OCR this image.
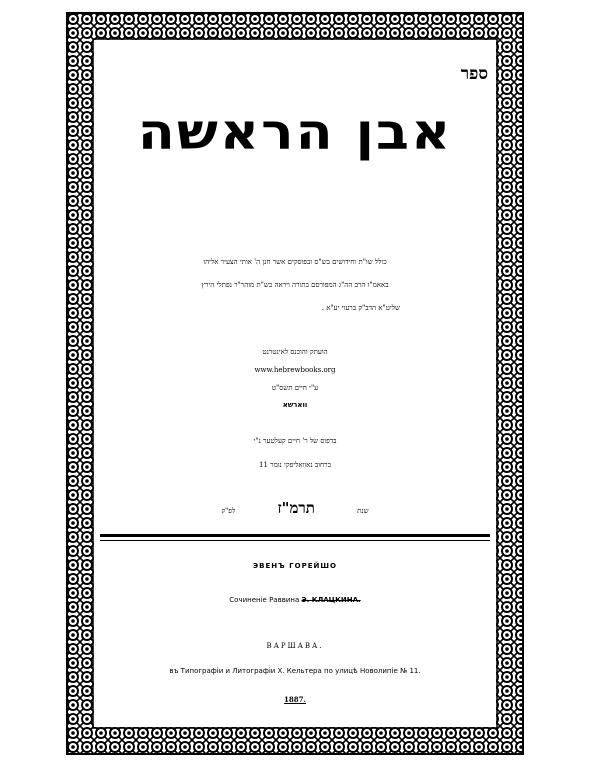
ספר
אבן הראשה
כולל שו"ת וחידושים בש"ס ובפוסקים אשר חנן ה' אותי הצעיר אליהו
באאמ"ו הרב הה"ג המפורסם בתורה ויראה כש"ת מוהר"ר נפתלי הירץ
שליט"א הדב"ק ברעוי יע"א .
הועתק והוכנס לאינטרנט
www.hebrewbooks.org
ע"י חיים תשס"ט
ווארשא
בדפוס של ר' חיים קעלטער נ"י
ברחוב נאוואליפקי נומר 11
שנת תרמ"ז לפ"ק
ЭВЕНЪ ГОРЕЙШО
Сочиненіе Раввина Э. КЛАЦКИНА.
ВАРШАВА.
въ Типографіи и Литографіи Х. Кельтера по улицѣ Новолипіе № 11.
1887.
